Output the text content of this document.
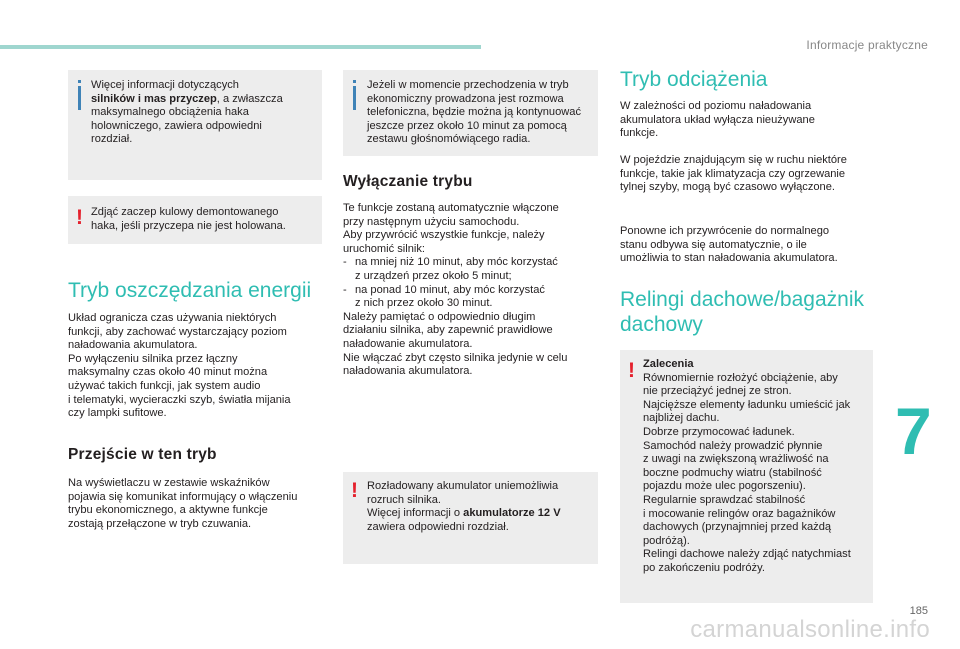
Informacje praktyczne
Więcej informacji dotyczących
silników i mas przyczep, a zwłaszcza
maksymalnego obciążenia haka
holowniczego, zawiera odpowiedni
rozdział.
! Zdjąć zaczep kulowy demontowanego
haka, jeśli przyczepa nie jest holowana.
Tryb oszczędzania energii
Układ ogranicza czas używania niektórych
funkcji, aby zachować wystarczający poziom
naładowania akumulatora.
Po wyłączeniu silnika przez łączny
maksymalny czas około 40 minut można
używać takich funkcji, jak system audio
i telematyki, wycieraczki szyb, światła mijania
czy lampki sufitowe.
Przejście w ten tryb
Na wyświetlaczu w zestawie wskaźników
pojawia się komunikat informujący o włączeniu
trybu ekonomicznego, a aktywne funkcje
zostają przełączone w tryb czuwania.
Jeżeli w momencie przechodzenia w tryb
ekonomiczny prowadzona jest rozmowa
telefoniczna, będzie można ją kontynuować
jeszcze przez około 10 minut za pomocą
zestawu głośnomówiącego radia.
Wyłączanie trybu
Te funkcje zostaną automatycznie włączone
przy następnym użyciu samochodu.
Aby przywrócić wszystkie funkcje, należy
uruchomić silnik:
- na mniej niż 10 minut, aby móc korzystać
z urządzeń przez około 5 minut;
- na ponad 10 minut, aby móc korzystać
z nich przez około 30 minut.
Należy pamiętać o odpowiednio długim
działaniu silnika, aby zapewnić prawidłowe
naładowanie akumulatora.
Nie włączać zbyt często silnika jedynie w celu
naładowania akumulatora.
! Rozładowany akumulator uniemożliwia
rozruch silnika.
Więcej informacji o akumulatorze 12 V
zawiera odpowiedni rozdział.
Tryb odciążenia
W zależności od poziomu naładowania
akumulatora układ wyłącza nieużywane
funkcje.
W pojeździe znajdującym się w ruchu niektóre
funkcje, takie jak klimatyzacja czy ogrzewanie
tylnej szyby, mogą być czasowo wyłączone.
Ponowne ich przywrócenie do normalnego
stanu odbywa się automatycznie, o ile
umożliwia to stan naładowania akumulatora.
Relingi dachowe/bagażnik
dachowy
! Zalecenia
Równomiernie rozłożyć obciążenie, aby
nie przeciążyć jednej ze stron.
Najcięższe elementy ładunku umieścić jak
najbliżej dachu.
Dobrze przymocować ładunek.
Samochód należy prowadzić płynnie
z uwagi na zwiększoną wrażliwość na
boczne podmuchy wiatru (stabilność
pojazdu może ulec pogorszeniu).
Regularnie sprawdzać stabilność
i mocowanie relingów oraz bagażników
dachowych (przynajmniej przed każdą
podróżą).
Relingi dachowe należy zdjąć natychmiast
po zakończeniu podróży.
7
185
carmanualsonline.info
